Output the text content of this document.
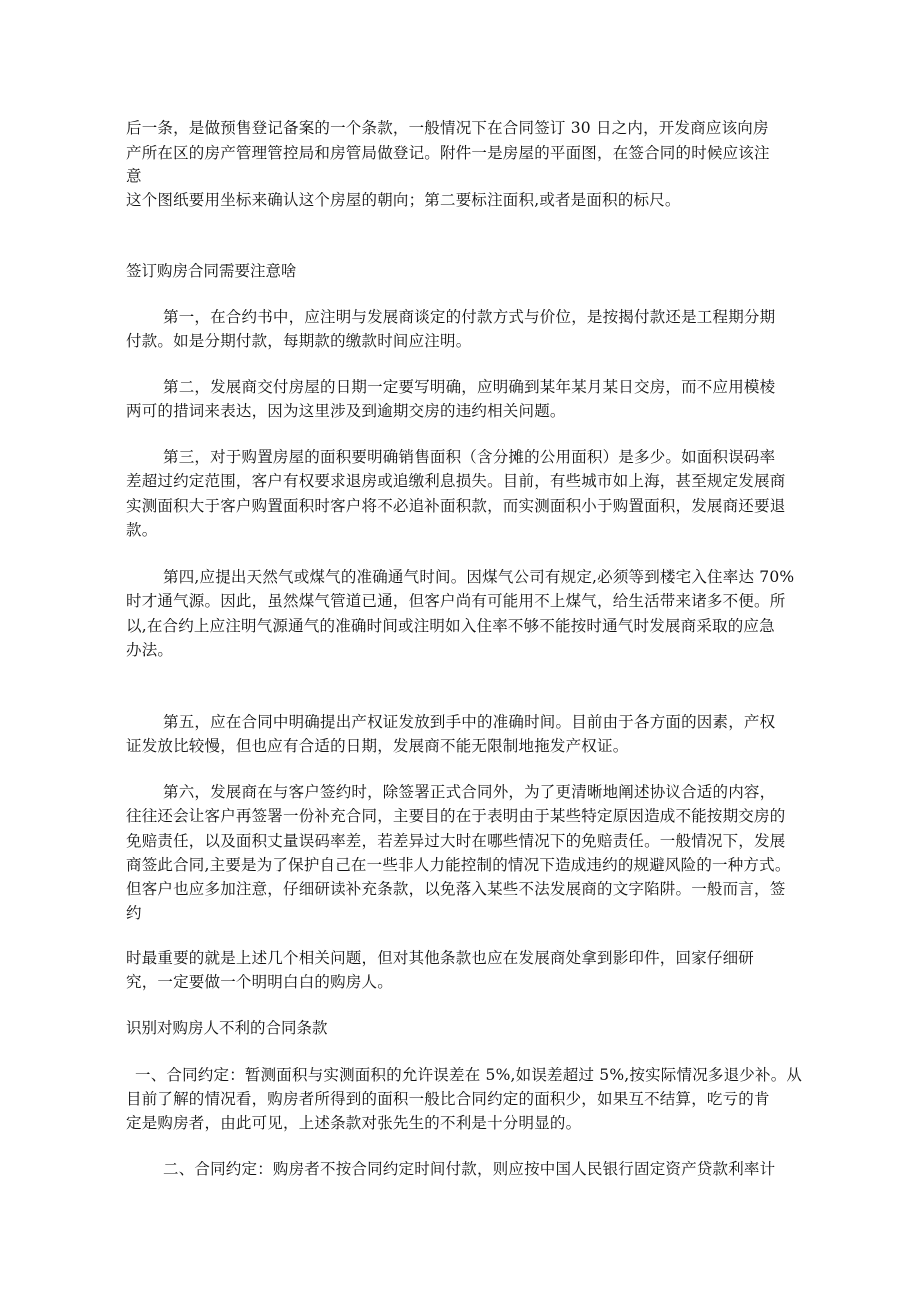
后一条，是做预售登记备案的一个条款，一般情况下在合同签订 30 日之内，开发商应该向房
产所在区的房产管理管控局和房管局做登记。附件一是房屋的平面图，在签合同的时候应该注
意
这个图纸要用坐标来确认这个房屋的朝向；第二要标注面积,或者是面积的标尺。
签订购房合同需要注意啥
第一，在合约书中，应注明与发展商谈定的付款方式与价位，是按揭付款还是工程期分期
付款。如是分期付款，每期款的缴款时间应注明。
第二，发展商交付房屋的日期一定要写明确，应明确到某年某月某日交房，而不应用模棱
两可的措词来表达，因为这里涉及到逾期交房的违约相关问题。
第三，对于购置房屋的面积要明确销售面积（含分摊的公用面积）是多少。如面积误码率
差超过约定范围，客户有权要求退房或追缴利息损失。目前，有些城市如上海，甚至规定发展商
实测面积大于客户购置面积时客户将不必追补面积款，而实测面积小于购置面积，发展商还要退
款。
第四,应提出天然气或煤气的准确通气时间。因煤气公司有规定,必须等到楼宅入住率达 70%
时才通气源。因此，虽然煤气管道已通，但客户尚有可能用不上煤气，给生活带来诸多不便。所
以,在合约上应注明气源通气的准确时间或注明如入住率不够不能按时通气时发展商采取的应急
办法。
第五，应在合同中明确提出产权证发放到手中的准确时间。目前由于各方面的因素，产权
证发放比较慢，但也应有合适的日期，发展商不能无限制地拖发产权证。
第六，发展商在与客户签约时，除签署正式合同外，为了更清晰地阐述协议合适的内容，
往往还会让客户再签署一份补充合同，主要目的在于表明由于某些特定原因造成不能按期交房的
免赔责任，以及面积丈量误码率差，若差异过大时在哪些情况下的免赔责任。一般情况下，发展
商签此合同,主要是为了保护自己在一些非人力能控制的情况下造成违约的规避风险的一种方式。
但客户也应多加注意，仔细研读补充条款，以免落入某些不法发展商的文字陷阱。一般而言，签
约
时最重要的就是上述几个相关问题，但对其他条款也应在发展商处拿到影印件，回家仔细研
究，一定要做一个明明白白的购房人。
识别对购房人不利的合同条款
一、合同约定：暂测面积与实测面积的允许误差在 5%,如误差超过 5%,按实际情况多退少补。从
目前了解的情况看，购房者所得到的面积一般比合同约定的面积少，如果互不结算，吃亏的肯
定是购房者，由此可见，上述条款对张先生的不利是十分明显的。
二、合同约定：购房者不按合同约定时间付款，则应按中国人民银行固定资产贷款利率计
